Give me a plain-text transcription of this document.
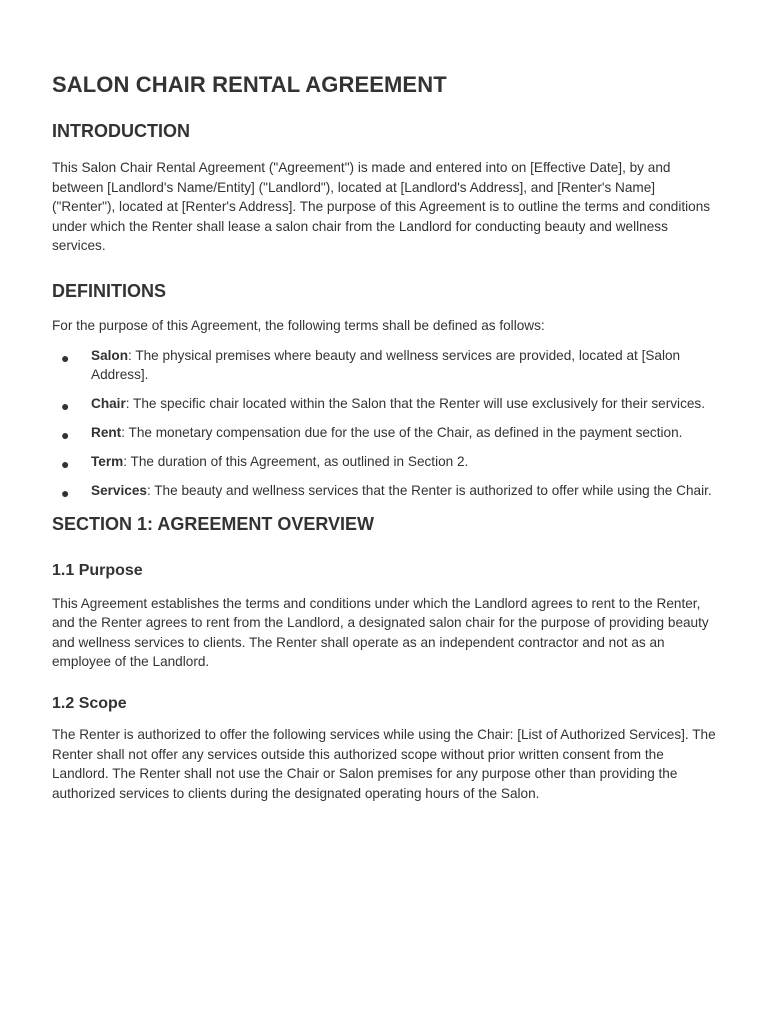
SALON CHAIR RENTAL AGREEMENT
INTRODUCTION

This Salon Chair Rental Agreement ("Agreement") is made and entered into on [Effective Date], by and between [Landlord's Name/Entity] ("Landlord"), located at [Landlord's Address], and [Renter's Name] ("Renter"), located at [Renter's Address]. The purpose of this Agreement is to outline the terms and conditions under which the Renter shall lease a salon chair from the Landlord for conducting beauty and wellness services.

DEFINITIONS

For the purpose of this Agreement, the following terms shall be defined as follows:

● Salon: The physical premises where beauty and wellness services are provided, located at [Salon Address].
● Chair: The specific chair located within the Salon that the Renter will use exclusively for their services.
● Rent: The monetary compensation due for the use of the Chair, as defined in the payment section.
● Term: The duration of this Agreement, as outlined in Section 2.
● Services: The beauty and wellness services that the Renter is authorized to offer while using the Chair.
SECTION 1: AGREEMENT OVERVIEW
1.1 Purpose

This Agreement establishes the terms and conditions under which the Landlord agrees to rent to the Renter, and the Renter agrees to rent from the Landlord, a designated salon chair for the purpose of providing beauty and wellness services to clients. The Renter shall operate as an independent contractor and not as an employee of the Landlord.

1.2 Scope

The Renter is authorized to offer the following services while using the Chair: [List of Authorized Services]. The Renter shall not offer any services outside this authorized scope without prior written consent from the Landlord. The Renter shall not use the Chair or Salon premises for any purpose other than providing the authorized services to clients during the designated operating hours of the Salon.
